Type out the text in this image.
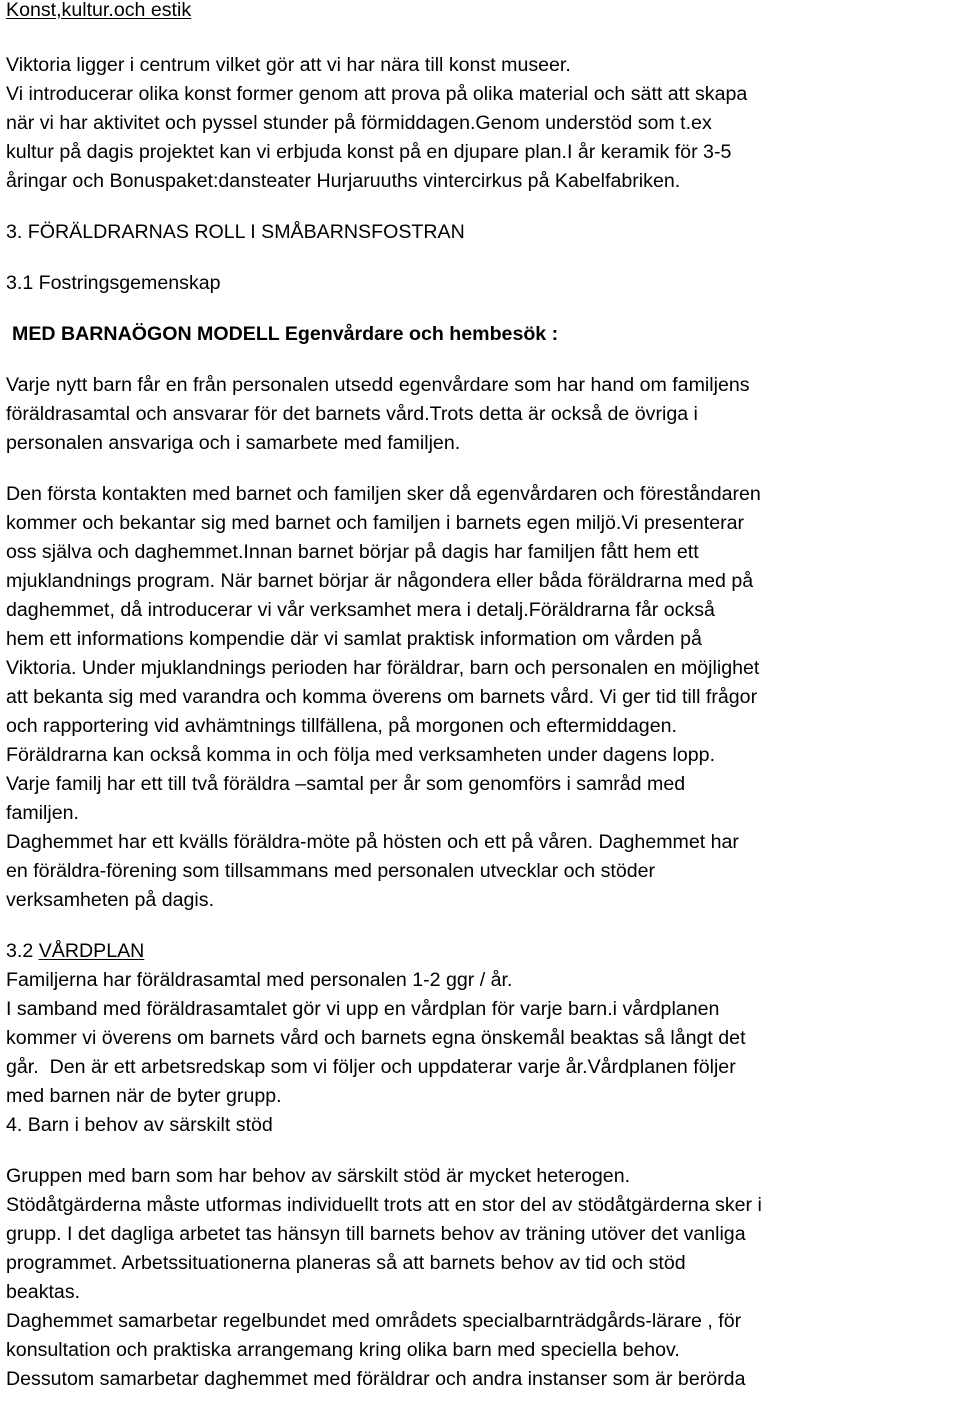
Konst,kultur.och estik
Viktoria ligger i centrum vilket gör att vi har nära till konst museer.
Vi introducerar olika konst former genom att prova på olika material och sätt att skapa
när vi har aktivitet och pyssel stunder på förmiddagen.Genom understöd som t.ex
kultur på dagis projektet kan vi erbjuda konst på en djupare plan.I år keramik för 3-5
åringar och Bonuspaket:dansteater Hurjaruuths vintercirkus på Kabelfabriken.
3. FÖRÄLDRARNAS ROLL I SMÅBARNSFOSTRAN
3.1 Fostringsgemenskap
MED BARNAÖGON MODELL Egenvårdare och hembesök :
Varje nytt barn får en från personalen utsedd egenvårdare som har hand om familjens
föräldrasamtal och ansvarar för det barnets vård.Trots detta är också de övriga i
personalen ansvariga och i samarbete med familjen.
Den första kontakten med barnet och familjen sker då egenvårdaren och föreståndaren
kommer och bekantar sig med barnet och familjen i barnets egen miljö.Vi presenterar
oss själva och daghemmet.Innan barnet börjar på dagis har familjen fått hem ett
mjuklandnings program. När barnet börjar är någondera eller båda föräldrarna med på
daghemmet, då introducerar vi vår verksamhet mera i detalj.Föräldrarna får också
hem ett informations kompendie där vi samlat praktisk information om vården på
Viktoria. Under mjuklandnings perioden har föräldrar, barn och personalen en möjlighet
att bekanta sig med varandra och komma överens om barnets vård. Vi ger tid till frågor
och rapportering vid avhämtnings tillfällena, på morgonen och eftermiddagen.
Föräldrarna kan också komma in och följa med verksamheten under dagens lopp.
Varje familj har ett till två föräldra –samtal per år som genomförs i samråd med
familjen.
Daghemmet har ett kvälls föräldra-möte på hösten och ett på våren. Daghemmet har
en föräldra-förening som tillsammans med personalen utvecklar och stöder
verksamheten på dagis.
3.2 VÅRDPLAN
Familjerna har föräldrasamtal med personalen 1-2 ggr / år.
I samband med föräldrasamtalet gör vi upp en vårdplan för varje barn.i vårdplanen
kommer vi överens om barnets vård och barnets egna önskemål beaktas så långt det
går.  Den är ett arbetsredskap som vi följer och uppdaterar varje år.Vårdplanen följer
med barnen när de byter grupp.
4. Barn i behov av särskilt stöd
Gruppen med barn som har behov av särskilt stöd är mycket heterogen.
Stödåtgärderna måste utformas individuellt trots att en stor del av stödåtgärderna sker i
grupp. I det dagliga arbetet tas hänsyn till barnets behov av träning utöver det vanliga
programmet. Arbetssituationerna planeras så att barnets behov av tid och stöd
beaktas.
Daghemmet samarbetar regelbundet med områdets specialbarnträdgårds-lärare , för
konsultation och praktiska arrangemang kring olika barn med speciella behov.
Dessutom samarbetar daghemmet med föräldrar och andra instanser som är berörda
